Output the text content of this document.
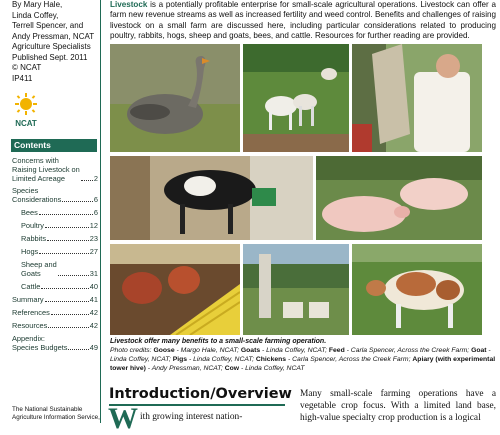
By Mary Hale,
Linda Coffey,
Terrell Spencer, and
Andy Pressman, NCAT
Agriculture Specialists
Published Sept. 2011
© NCAT
IP411
NCAT
Contents
Concerns with
Raising Livestock on
Limited Acreage	2
Species
Considerations	6
Bees	6
Poultry	12
Rabbits	23
Hogs	27
Sheep and
Goats	31
Cattle	40
Summary	41
References	42
Resources	42
Appendix:
Species Budgets	49
The National Sustainable Agriculture Information Service,
Livestock is a potentially profitable enterprise for small-scale agricultural operations. Livestock can offer a farm new revenue streams as well as increased fertility and weed control. Benefits and challenges of raising livestock on a small farm are discussed here, including particular considerations related to producing poultry, rabbits, hogs, sheep and goats, bees, and cattle. Resources for further reading are provided.
Livestock offer many benefits to a small-scale farming operation.
Photo credits: Goose - Margo Hale, NCAT; Goats - Linda Coffey, NCAT; Feed - Carla Spencer, Across the Creek Farm; Goat - Linda Coffey, NCAT; Pigs - Linda Coffey, NCAT; Chickens - Carla Spencer, Across the Creek Farm; Apiary (with experimental tower hive) - Andy Pressman, NCAT; Cow - Linda Coffey, NCAT
Introduction/Overview
W ith growing interest nation-
Many small-scale farming operations have a vegetable crop focus. With a limited land base, high-value specialty crop production is a logical
